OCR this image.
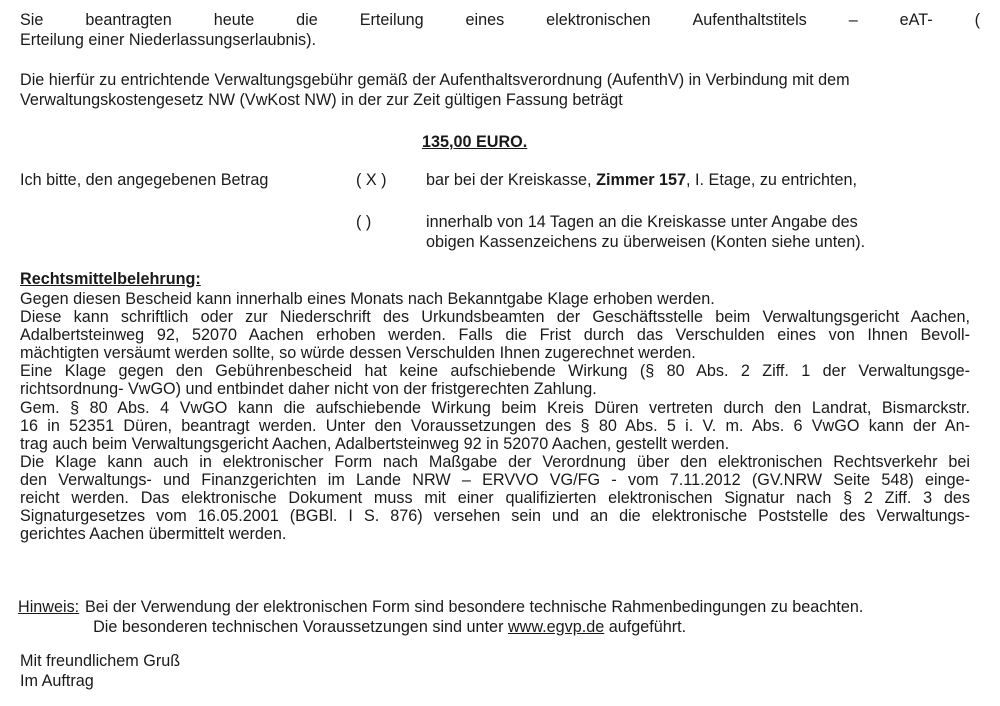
Sie	beantragten	heute	die	Erteilung	eines	elektronischen	Aufenthaltstitels	–	eAT-	(
Erteilung einer Niederlassungserlaubnis).
Die hierfür zu entrichtende Verwaltungsgebühr gemäß der Aufenthaltsverordnung (AufenthV) in Verbindung mit dem
Verwaltungskostengesetz NW (VwKost NW) in der zur Zeit gültigen Fassung beträgt
135,00 EURO.
Ich bitte, den angegebenen Betrag	( X ) bar bei der Kreiskasse, Zimmer 157, I. Etage, zu entrichten,
( )	innerhalb von 14 Tagen an die Kreiskasse unter Angabe des
obigen Kassenzeichens zu überweisen (Konten siehe unten).
Rechtsmittelbelehrung:
Gegen diesen Bescheid kann innerhalb eines Monats nach Bekanntgabe Klage erhoben werden.
Diese kann schriftlich oder zur Niederschrift des Urkundsbeamten der Geschäftsstelle beim Verwaltungsgericht Aachen,
Adalbertsteinweg 92, 52070 Aachen erhoben werden. Falls die Frist durch das Verschulden eines von Ihnen Bevoll-
mächtigten versäumt werden sollte, so würde dessen Verschulden Ihnen zugerechnet werden.
Eine Klage gegen den Gebührenbescheid hat keine aufschiebende Wirkung (§ 80 Abs. 2 Ziff. 1 der Verwaltungsge-
richtsordnung- VwGO) und entbindet daher nicht von der fristgerechten Zahlung.
Gem. § 80 Abs. 4 VwGO kann die aufschiebende Wirkung beim Kreis Düren vertreten durch den Landrat, Bismarckstr.
16 in 52351 Düren, beantragt werden. Unter den Voraussetzungen des § 80 Abs. 5 i. V. m. Abs. 6 VwGO kann der An-
trag auch beim Verwaltungsgericht Aachen, Adalbertsteinweg 92 in 52070 Aachen, gestellt werden.
Die Klage kann auch in elektronischer Form nach Maßgabe der Verordnung über den elektronischen Rechtsverkehr bei
den Verwaltungs- und Finanzgerichten im Lande NRW – ERVVO VG/FG - vom 7.11.2012 (GV.NRW Seite 548) einge-
reicht werden. Das elektronische Dokument muss mit einer qualifizierten elektronischen Signatur nach § 2 Ziff. 3 des
Signaturgesetzes vom 16.05.2001 (BGBl. I S. 876) versehen sein und an die elektronische Poststelle des Verwaltungs-
gerichtes Aachen übermittelt werden.
Hinweis: Bei der Verwendung der elektronischen Form sind besondere technische Rahmenbedingungen zu beachten.
 Die besonderen technischen Voraussetzungen sind unter www.egvp.de aufgeführt.
Mit freundlichem Gruß
Im Auftrag
